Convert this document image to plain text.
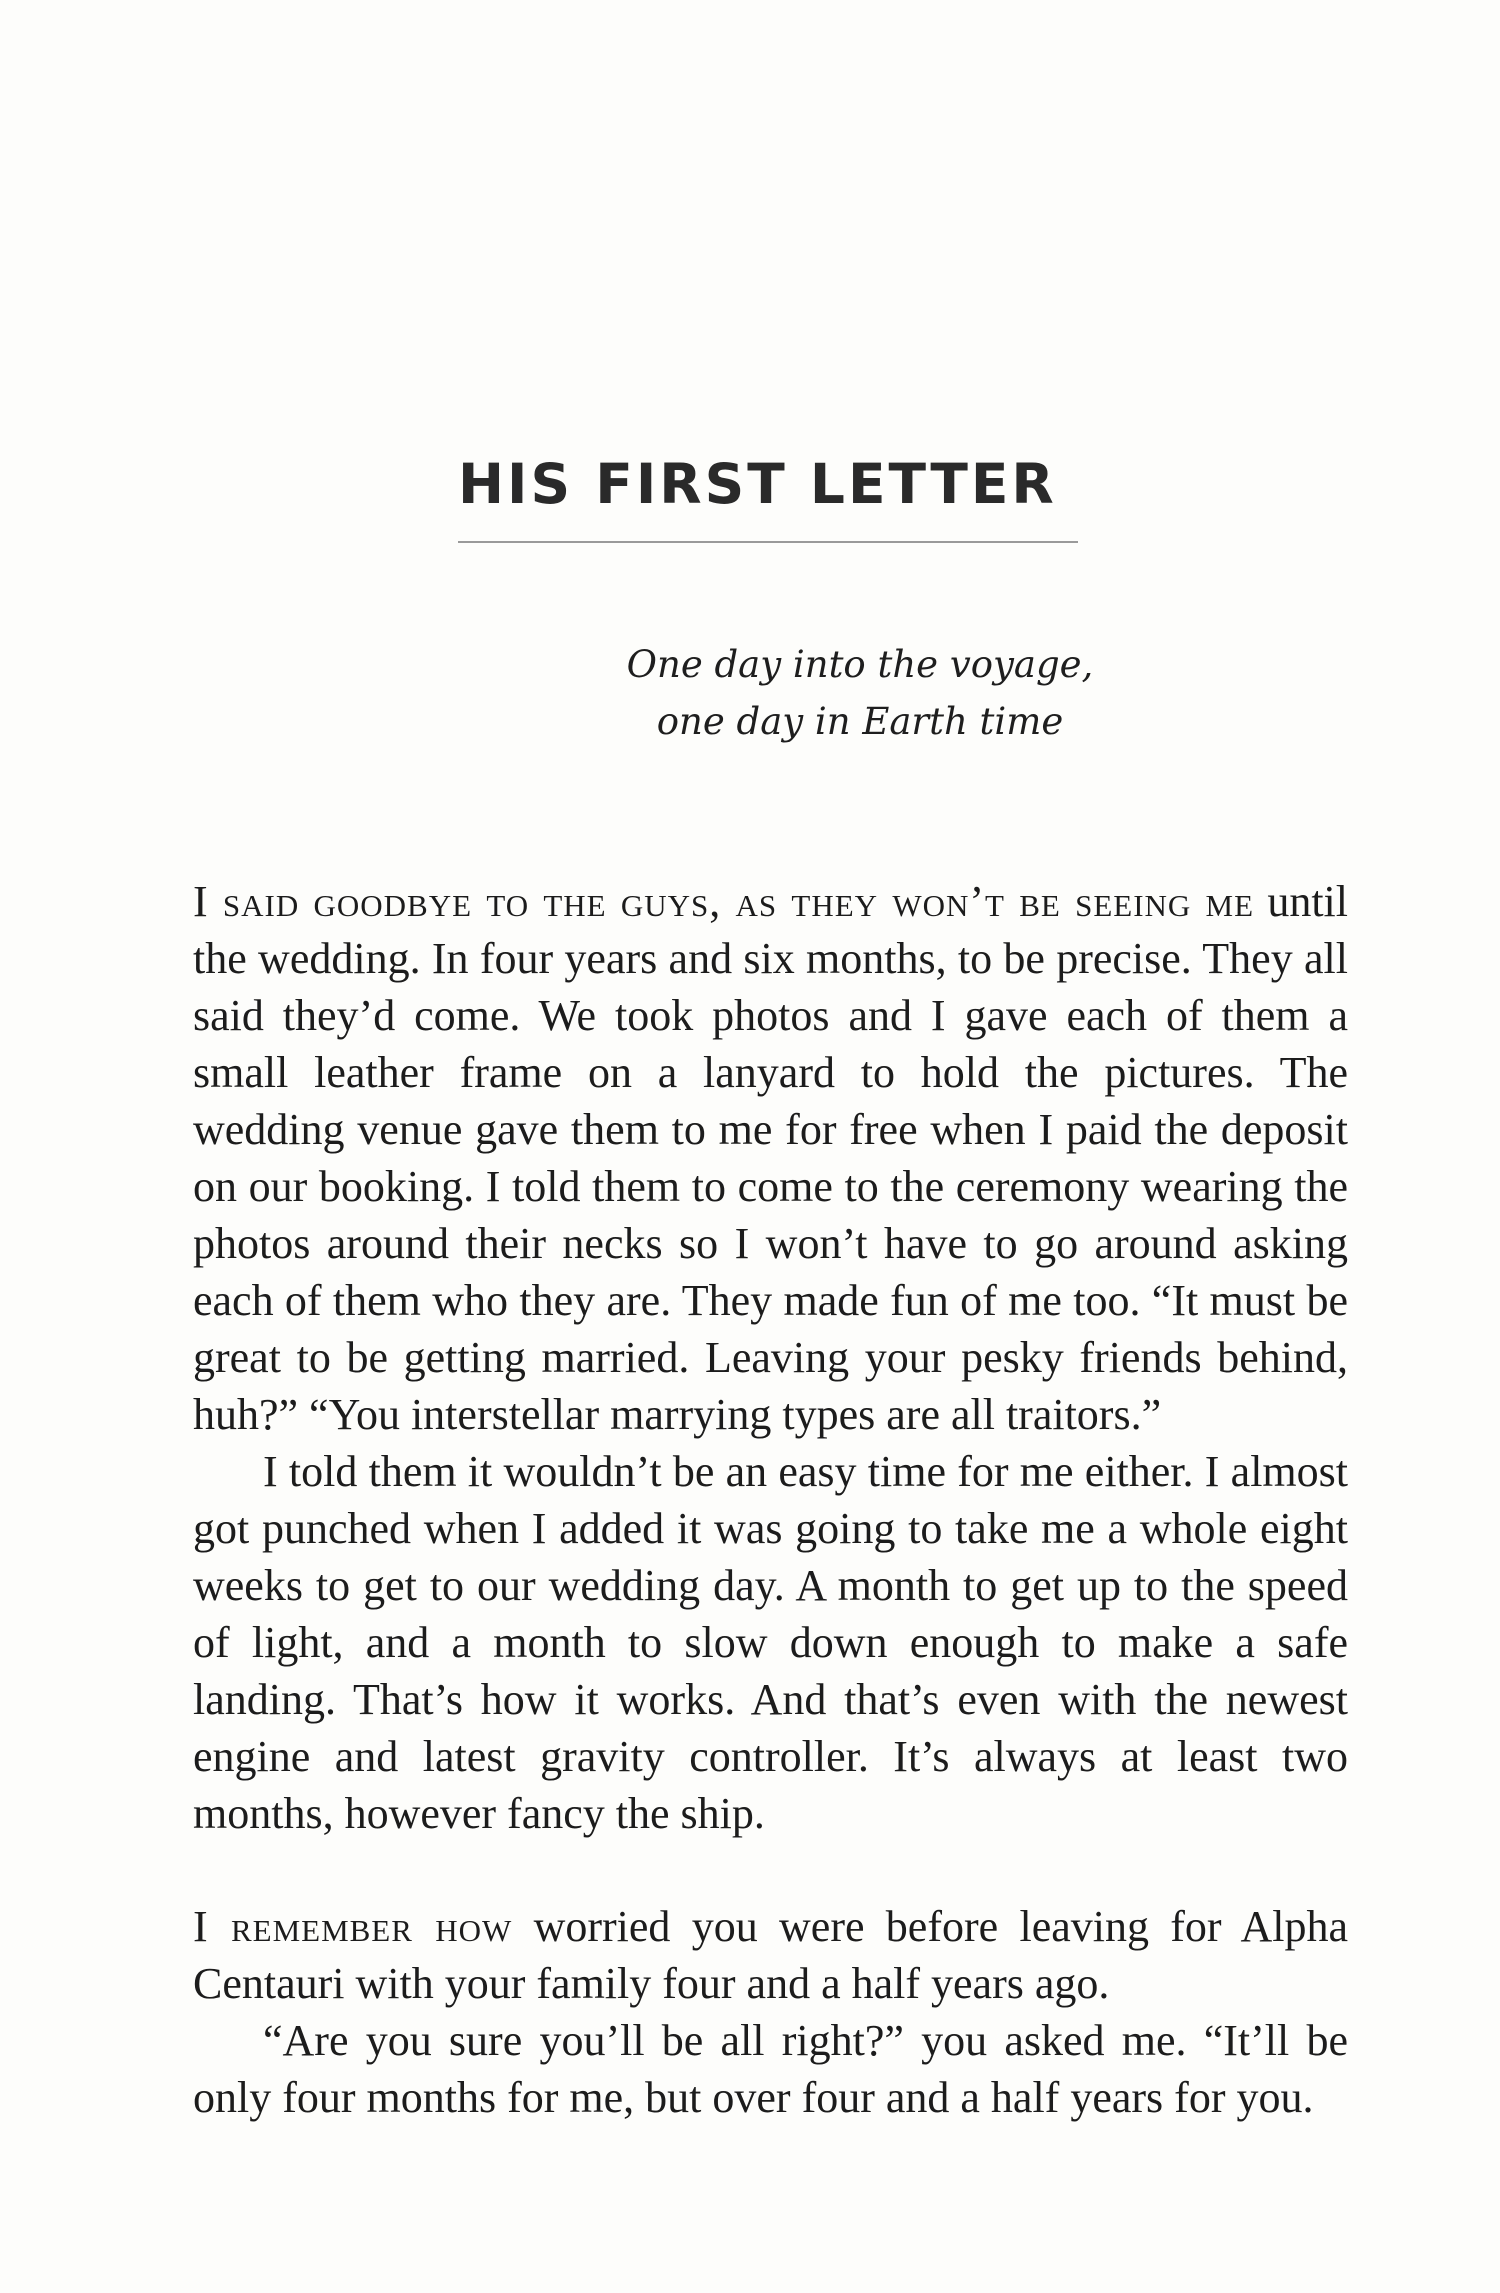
HIS FIRST LETTER
One day into the voyage,
one day in Earth time

I said goodbye to the guys, as they won’t be seeing me until the wedding. In four years and six months, to be precise. They all said they’d come. We took photos and I gave each of them a small leather frame on a lanyard to hold the pictures. The wedding venue gave them to me for free when I paid the deposit on our booking. I told them to come to the ceremony wearing the photos around their necks so I won’t have to go around asking each of them who they are. They made fun of me too. “It must be great to be getting married. Leaving your pesky friends behind, huh?” “You interstellar marrying types are all traitors.”

I told them it wouldn’t be an easy time for me either. I almost got punched when I added it was going to take me a whole eight weeks to get to our wedding day. A month to get up to the speed of light, and a month to slow down enough to make a safe landing. That’s how it works. And that’s even with the newest engine and latest gravity controller. It’s always at least two months, however fancy the ship.

I remember how worried you were before leaving for Alpha Centauri with your family four and a half years ago.

“Are you sure you’ll be all right?” you asked me. “It’ll be only four months for me, but over four and a half years for you.
